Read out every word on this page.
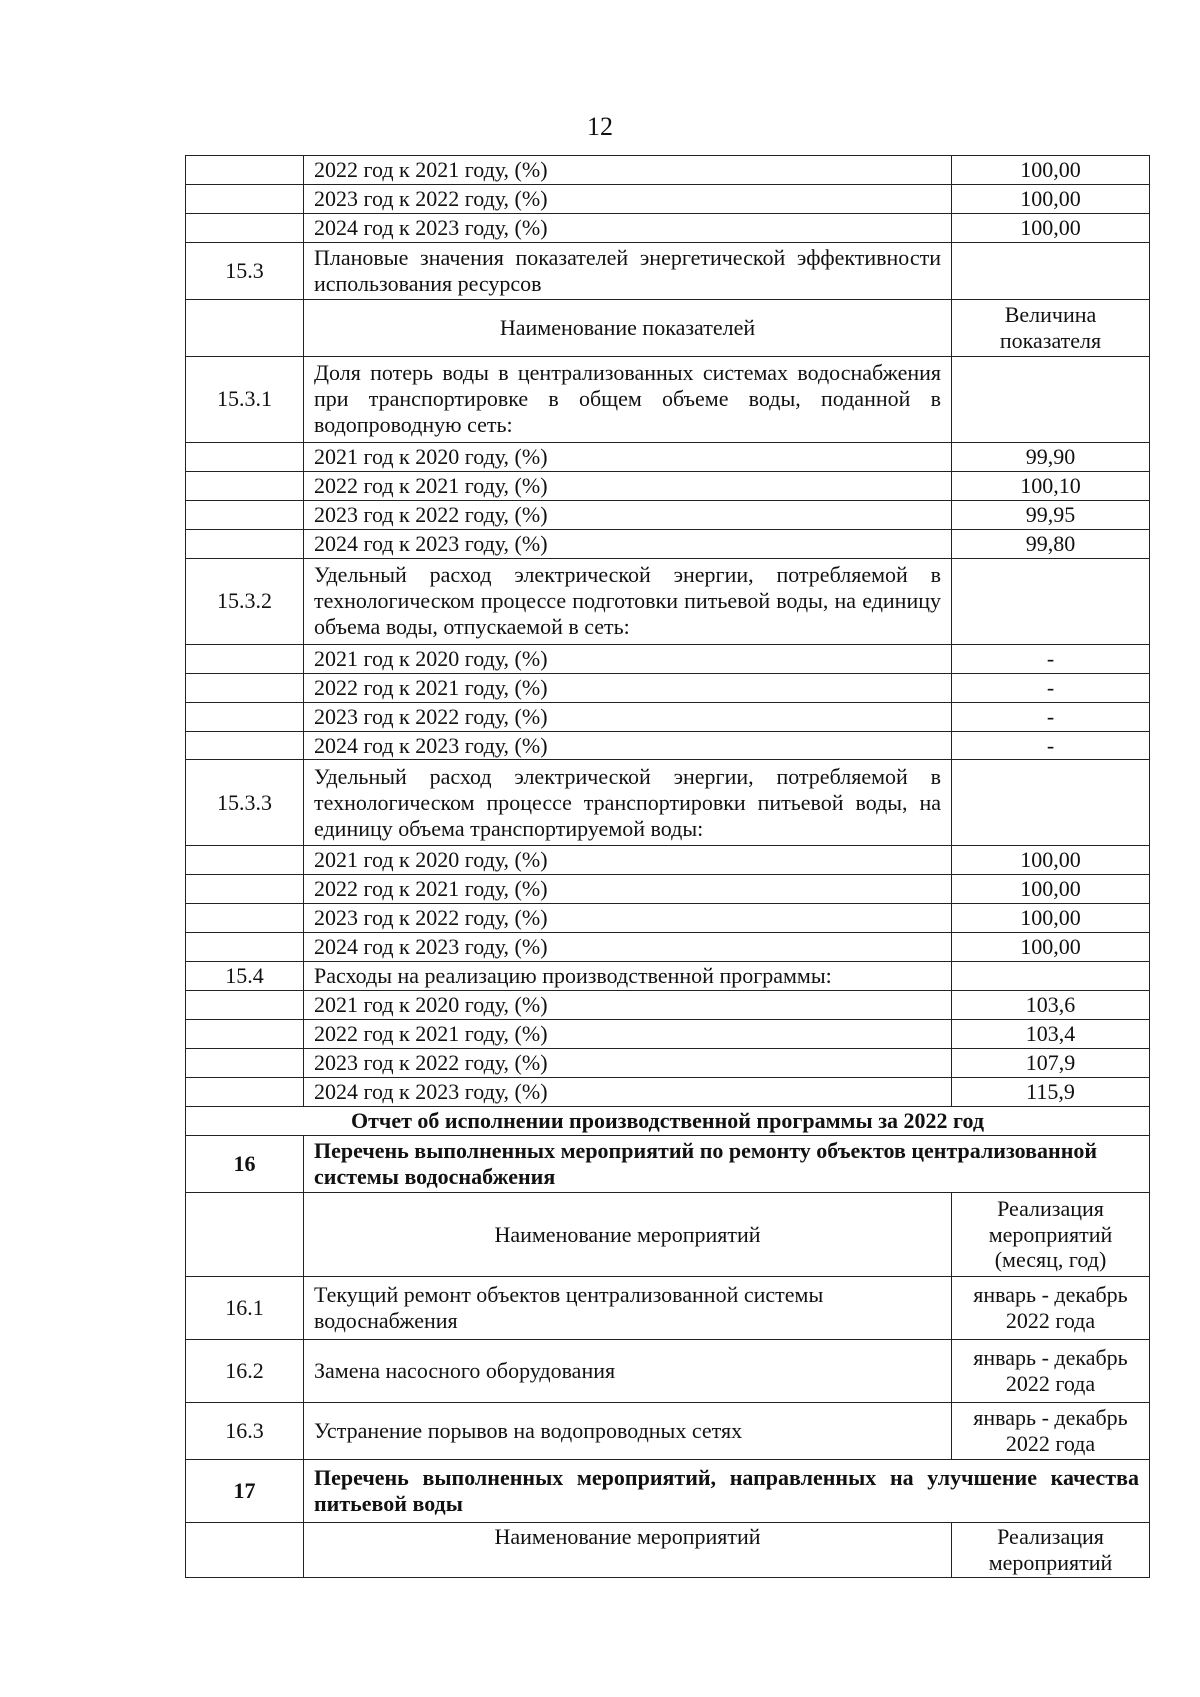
12
	2022 год к 2021 году, (%)	100,00
	2023 год к 2022 году, (%)	100,00
	2024 год к 2023 году, (%)	100,00
15.3	Плановые значения показателей энергетической эффективности использования ресурсов	
	Наименование показателей	Величина показателя
15.3.1	Доля потерь воды в централизованных системах водоснабжения при транспортировке в общем объеме воды, поданной в водопроводную сеть:	
	2021 год к 2020 году, (%)	99,90
	2022 год к 2021 году, (%)	100,10
	2023 год к 2022 году, (%)	99,95
	2024 год к 2023 году, (%)	99,80
15.3.2	Удельный расход электрической энергии, потребляемой в технологическом процессе подготовки питьевой воды, на единицу объема воды, отпускаемой в сеть:	
	2021 год к 2020 году, (%)	-
	2022 год к 2021 году, (%)	-
	2023 год к 2022 году, (%)	-
	2024 год к 2023 году, (%)	-
15.3.3	Удельный расход электрической энергии, потребляемой в технологическом процессе транспортировки питьевой воды, на единицу объема транспортируемой воды:	
	2021 год к 2020 году, (%)	100,00
	2022 год к 2021 году, (%)	100,00
	2023 год к 2022 году, (%)	100,00
	2024 год к 2023 году, (%)	100,00
15.4	Расходы на реализацию производственной программы:	
	2021 год к 2020 году, (%)	103,6
	2022 год к 2021 году, (%)	103,4
	2023 год к 2022 году, (%)	107,9
	2024 год к 2023 году, (%)	115,9
Отчет об исполнении производственной программы за 2022 год		
16	Перечень выполненных мероприятий по ремонту объектов централизованной системы водоснабжения	
	Наименование мероприятий	Реализация мероприятий (месяц, год)
16.1	Текущий ремонт объектов централизованной системы водоснабжения	январь - декабрь 2022 года
16.2	Замена насосного оборудования	январь - декабрь 2022 года
16.3	Устранение порывов на водопроводных сетях	январь - декабрь 2022 года
17	Перечень выполненных мероприятий, направленных на улучшение качества питьевой воды	
	Наименование мероприятий	Реализация мероприятий
